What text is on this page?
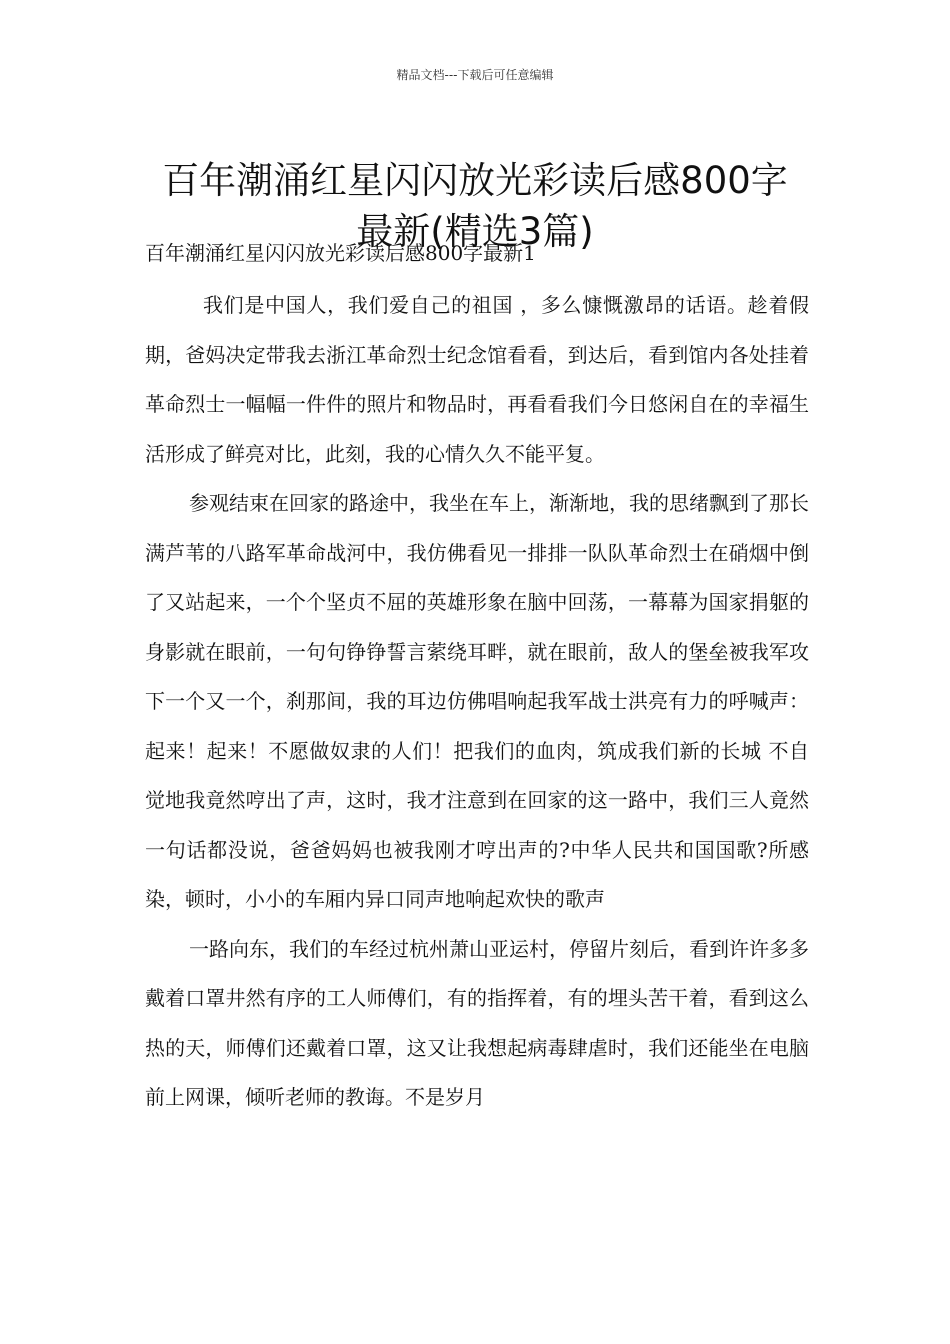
精品文档---下载后可任意编辑
百年潮涌红星闪闪放光彩读后感800字
最新(精选3篇)
百年潮涌红星闪闪放光彩读后感800字最新1

我们是中国人，我们爱自己的祖国 ，多么慷慨激昂的话语。趁着假期，爸妈决定带我去浙江革命烈士纪念馆看看，到达后，看到馆内各处挂着革命烈士一幅幅一件件的照片和物品时，再看看我们今日悠闲自在的幸福生活形成了鲜亮对比，此刻，我的心情久久不能平复。

参观结束在回家的路途中，我坐在车上，渐渐地，我的思绪飘到了那长满芦苇的八路军革命战河中，我仿佛看见一排排一队队革命烈士在硝烟中倒了又站起来，一个个坚贞不屈的英雄形象在脑中回荡，一幕幕为国家捐躯的身影就在眼前，一句句铮铮誓言萦绕耳畔，就在眼前，敌人的堡垒被我军攻下一个又一个，刹那间，我的耳边仿佛唱响起我军战士洪亮有力的呼喊声： 起来！起来！不愿做奴隶的人们！把我们的血肉，筑成我们新的长城 不自觉地我竟然哼出了声，这时，我才注意到在回家的这一路中，我们三人竟然一句话都没说，爸爸妈妈也被我刚才哼出声的?中华人民共和国国歌?所感染，顿时，小小的车厢内异口同声地响起欢快的歌声

一路向东，我们的车经过杭州萧山亚运村，停留片刻后，看到许许多多戴着口罩井然有序的工人师傅们，有的指挥着，有的埋头苦干着，看到这么热的天，师傅们还戴着口罩，这又让我想起病毒肆虐时，我们还能坐在电脑前上网课，倾听老师的教诲。不是岁月
